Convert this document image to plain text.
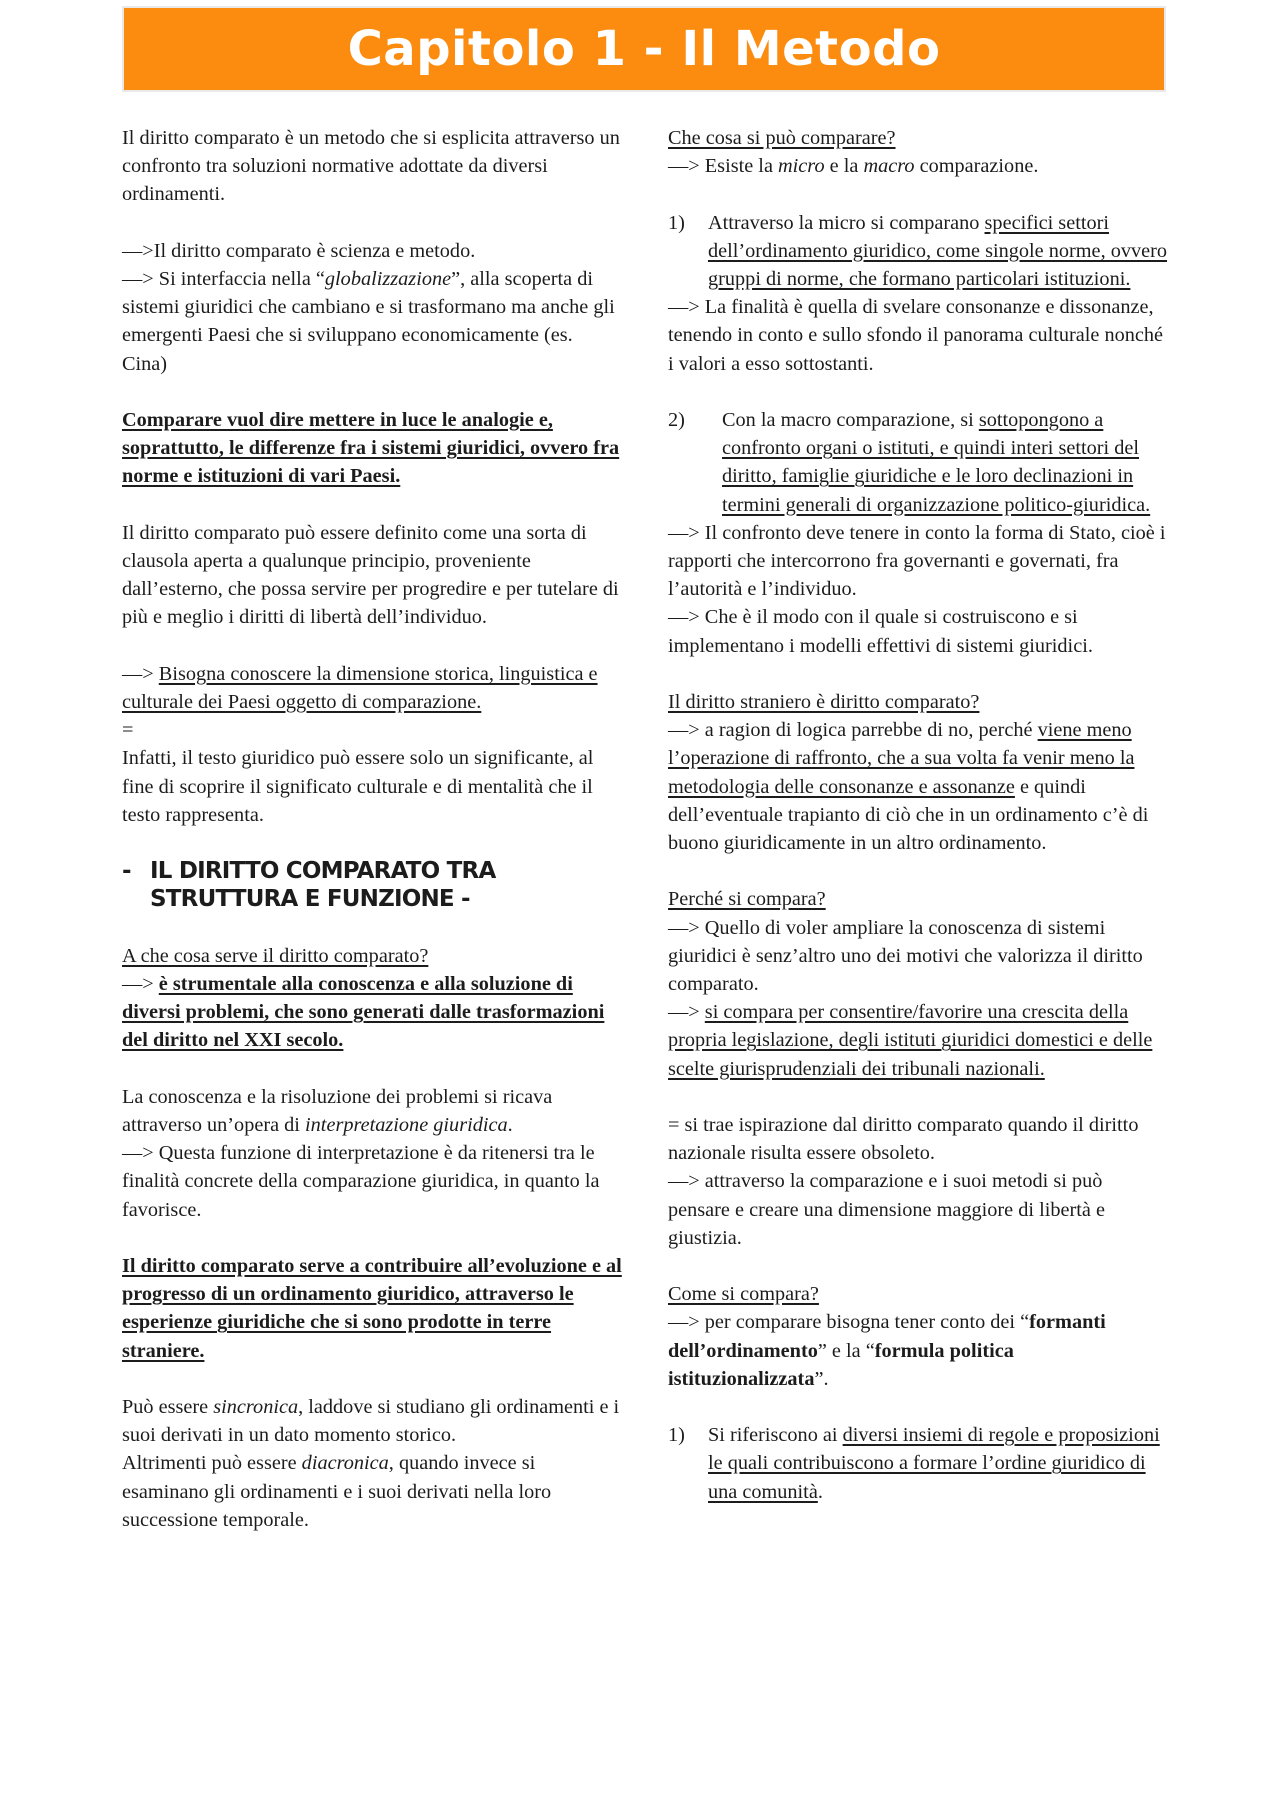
Capitolo 1 - Il Metodo

Il diritto comparato è un metodo che si esplicita attraverso un confronto tra soluzioni normative adottate da diversi ordinamenti.

—>Il diritto comparato è scienza e metodo.
—> Si interfaccia nella “globalizzazione”, alla scoperta di sistemi giuridici che cambiano e si trasformano ma anche gli emergenti Paesi che si sviluppano economicamente (es. Cina)

Comparare vuol dire mettere in luce le analogie e, soprattutto, le differenze fra i sistemi giuridici, ovvero fra norme e istituzioni di vari Paesi.

Il diritto comparato può essere definito come una sorta di clausola aperta a qualunque principio, proveniente dall’esterno, che possa servire per progredire e per tutelare di più e meglio i diritti di libertà dell’individuo.

—> Bisogna conoscere la dimensione storica, linguistica e culturale dei Paesi oggetto di comparazione.
=
Infatti, il testo giuridico può essere solo un significante, al fine di scoprire il significato culturale e di mentalità che il testo rappresenta.

- IL DIRITTO COMPARATO TRA STRUTTURA E FUNZIONE -

A che cosa serve il diritto comparato?
—> è strumentale alla conoscenza e alla soluzione di diversi problemi, che sono generati dalle trasformazioni del diritto nel XXI secolo.

La conoscenza e la risoluzione dei problemi si ricava attraverso un’opera di interpretazione giuridica.
—> Questa funzione di interpretazione è da ritenersi tra le finalità concrete della comparazione giuridica, in quanto la favorisce.

Il diritto comparato serve a contribuire all’evoluzione e al progresso di un ordinamento giuridico, attraverso le esperienze giuridiche che si sono prodotte in terre straniere.

Può essere sincronica, laddove si studiano gli ordinamenti e i suoi derivati in un dato momento storico.
Altrimenti può essere diacronica, quando invece si esaminano gli ordinamenti e i suoi derivati nella loro successione temporale.

Che cosa si può comparare?
—> Esiste la micro e la macro comparazione.

1)	Attraverso la micro si comparano specifici settori dell’ordinamento giuridico, come singole norme, ovvero gruppi di norme, che formano particolari istituzioni.

—> La finalità è quella di svelare consonanze e dissonanze, tenendo in conto e sullo sfondo il panorama culturale nonché i valori a esso sottostanti.

2)	Con la macro comparazione, si sottopongono a confronto organi o istituti, e quindi interi settori del diritto, famiglie giuridiche e le loro declinazioni in termini generali di organizzazione politico-giuridica.

—> Il confronto deve tenere in conto la forma di Stato, cioè i rapporti che intercorrono fra governanti e governati, fra l’autorità e l’individuo.
—> Che è il modo con il quale si costruiscono e si implementano i modelli effettivi di sistemi giuridici.

Il diritto straniero è diritto comparato?
—> a ragion di logica parrebbe di no, perché viene meno l’operazione di raffronto, che a sua volta fa venir meno la metodologia delle consonanze e assonanze e quindi dell’eventuale trapianto di ciò che in un ordinamento c’è di buono giuridicamente in un altro ordinamento.

Perché si compara?
—> Quello di voler ampliare la conoscenza di sistemi giuridici è senz’altro uno dei motivi che valorizza il diritto comparato.
—> si compara per consentire/favorire una crescita della propria legislazione, degli istituti giuridici domestici e delle scelte giurisprudenziali dei tribunali nazionali.

= si trae ispirazione dal diritto comparato quando il diritto nazionale risulta essere obsoleto.
—> attraverso la comparazione e i suoi metodi si può pensare e creare una dimensione maggiore di libertà e giustizia.

Come si compara?
—> per comparare bisogna tener conto dei “formanti dell’ordinamento” e la “formula politica istituzionalizzata”.

1)	Si riferiscono ai diversi insiemi di regole e proposizioni le quali contribuiscono a formare l’ordine giuridico di una comunità.
